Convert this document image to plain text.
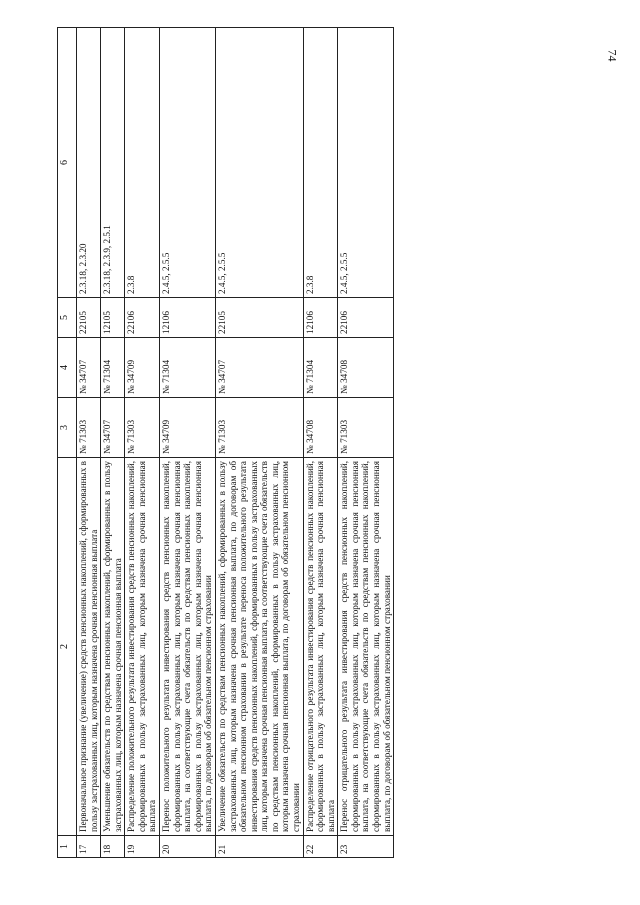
74
1	2	3	4	5	6
17	Первоначальное признание (увеличение) средств пенсионных накоплений, сформированных в пользу застрахованных лиц, которым назначена срочная пенсионная выплата	№ 71303	№ 34707	22105	2.3.18, 2.3.20
18	Уменьшение обязательств по средствам пенсионных накоплений, сформированных в пользу застрахованных лиц, которым назначена срочная пенсионная выплата	№ 34707	№ 71304	12105	2.3.18, 2.3.9, 2.5.1
19	Распределение положительного результата инвестирования средств пенсионных накоплений, сформированных в пользу застрахованных лиц, которым назначена срочная пенсионная выплата	№ 71303	№ 34709	22106	2.3.8
20	Перенос положительного результата инвестирования средств пенсионных накоплений, сформированных в пользу застрахованных лиц, которым назначена срочная пенсионная выплата, на соответствующие счета обязательств по средствам пенсионных накоплений, сформированных в пользу застрахованных лиц, которым назначена срочная пенсионная выплата, по договорам об обязательном пенсионном страховании	№ 34709	№ 71304	12106	2.4.5, 2.5.5
21	Увеличение обязательств по средствам пенсионных накоплений, сформированных в пользу застрахованных лиц, которым назначена срочная пенсионная выплата, по договорам об обязательном пенсионном страховании в результате переноса положительного результата инвестирования средств пенсионных накоплений, сформированных в пользу застрахованных лиц, которым назначена срочная пенсионная выплата, на соответствующие счета обязательств по средствам пенсионных накоплений, сформированных в пользу застрахованных лиц, которым назначена срочная пенсионная выплата, по договорам об обязательном пенсионном страховании	№ 71303	№ 34707	22105	2.4.5, 2.5.5
22	Распределение отрицательного результата инвестирования средств пенсионных накоплений, сформированных в пользу застрахованных лиц, которым назначена срочная пенсионная выплата	№ 34708	№ 71304	12106	2.3.8
23	Перенос отрицательного результата инвестирования средств пенсионных накоплений, сформированных в пользу застрахованных лиц, которым назначена срочная пенсионная выплата, на соответствующие счета обязательств по средствам пенсионных накоплений, сформированных в пользу застрахованных лиц, которым назначена срочная пенсионная выплата, по договорам об обязательном пенсионном страховании	№ 71303	№ 34708	22106	2.4.5, 2.5.5
